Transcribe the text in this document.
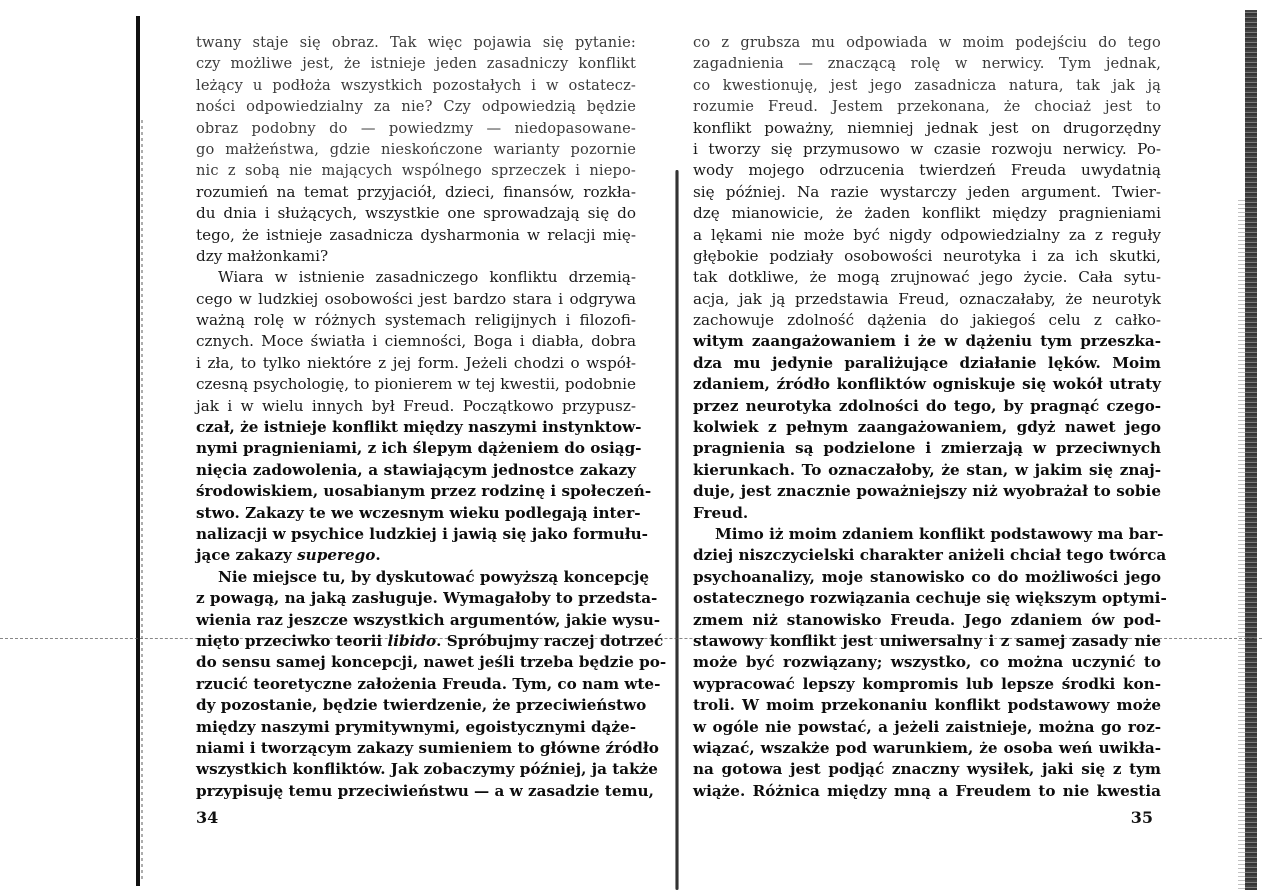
twany staje się obraz. Tak więc pojawia się pytanie:
czy możliwe jest, że istnieje jeden zasadniczy konflikt
leżący u podłoża wszystkich pozostałych i w ostatecz-
ności odpowiedzialny za nie? Czy odpowiedzią będzie
obraz podobny do — powiedzmy — niedopasowane-
go małżeństwa, gdzie nieskończone warianty pozornie
nic z sobą nie mających wspólnego sprzeczek i niepo-
rozumień na temat przyjaciół, dzieci, finansów, rozkła-
du dnia i służących, wszystkie one sprowadzają się do
tego, że istnieje zasadnicza dysharmonia w relacji mię-
dzy małżonkami?
Wiara w istnienie zasadniczego konfliktu drzemią-
cego w ludzkiej osobowości jest bardzo stara i odgrywa
ważną rolę w różnych systemach religijnych i filozofi-
cznych. Moce światła i ciemności, Boga i diabła, dobra
i zła, to tylko niektóre z jej form. Jeżeli chodzi o współ-
czesną psychologię, to pionierem w tej kwestii, podobnie
jak i w wielu innych był Freud. Początkowo przypusz-
czał, że istnieje konflikt między naszymi instynktow-
nymi pragnieniami, z ich ślepym dążeniem do osiąg-
nięcia zadowolenia, a stawiającym jednostce zakazy
środowiskiem, uosabianym przez rodzinę i społeczeń-
stwo. Zakazy te we wczesnym wieku podlegają inter-
nalizacji w psychice ludzkiej i jawią się jako formułu-
jące zakazy superego.
Nie miejsce tu, by dyskutować powyższą koncepcję
z powagą, na jaką zasługuje. Wymagałoby to przedsta-
wienia raz jeszcze wszystkich argumentów, jakie wysu-
nięto przeciwko teorii libido. Spróbujmy raczej dotrzeć
do sensu samej koncepcji, nawet jeśli trzeba będzie po-
rzucić teoretyczne założenia Freuda. Tym, co nam wte-
dy pozostanie, będzie twierdzenie, że przeciwieństwo
między naszymi prymitywnymi, egoistycznymi dąże-
niami i tworzącym zakazy sumieniem to główne źródło
wszystkich konfliktów. Jak zobaczymy później, ja także
przypisuję temu przeciwieństwu — a w zasadzie temu,
34
co z grubsza mu odpowiada w moim podejściu do tego
zagadnienia — znaczącą rolę w nerwicy. Tym jednak,
co kwestionuję, jest jego zasadnicza natura, tak jak ją
rozumie Freud. Jestem przekonana, że chociaż jest to
konflikt poważny, niemniej jednak jest on drugorzędny
i tworzy się przymusowo w czasie rozwoju nerwicy. Po-
wody mojego odrzucenia twierdzeń Freuda uwydatnią
się później. Na razie wystarczy jeden argument. Twier-
dzę mianowicie, że żaden konflikt między pragnieniami
a lękami nie może być nigdy odpowiedzialny za z reguły
głębokie podziały osobowości neurotyka i za ich skutki,
tak dotkliwe, że mogą zrujnować jego życie. Cała sytu-
acja, jak ją przedstawia Freud, oznaczałaby, że neurotyk
zachowuje zdolność dążenia do jakiegoś celu z całko-
witym zaangażowaniem i że w dążeniu tym przeszka-
dza mu jedynie paraliżujące działanie lęków. Moim
zdaniem, źródło konfliktów ogniskuje się wokół utraty
przez neurotyka zdolności do tego, by pragnąć czego-
kolwiek z pełnym zaangażowaniem, gdyż nawet jego
pragnienia są podzielone i zmierzają w przeciwnych
kierunkach. To oznaczałoby, że stan, w jakim się znaj-
duje, jest znacznie poważniejszy niż wyobrażał to sobie
Freud.
Mimo iż moim zdaniem konflikt podstawowy ma bar-
dziej niszczycielski charakter aniżeli chciał tego twórca
psychoanalizy, moje stanowisko co do możliwości jego
ostatecznego rozwiązania cechuje się większym optymi-
zmem niż stanowisko Freuda. Jego zdaniem ów pod-
stawowy konflikt jest uniwersalny i z samej zasady nie
może być rozwiązany; wszystko, co można uczynić to
wypracować lepszy kompromis lub lepsze środki kon-
troli. W moim przekonaniu konflikt podstawowy może
w ogóle nie powstać, a jeżeli zaistnieje, można go roz-
wiązać, wszakże pod warunkiem, że osoba weń uwikła-
na gotowa jest podjąć znaczny wysiłek, jaki się z tym
wiąże. Różnica między mną a Freudem to nie kwestia
35
